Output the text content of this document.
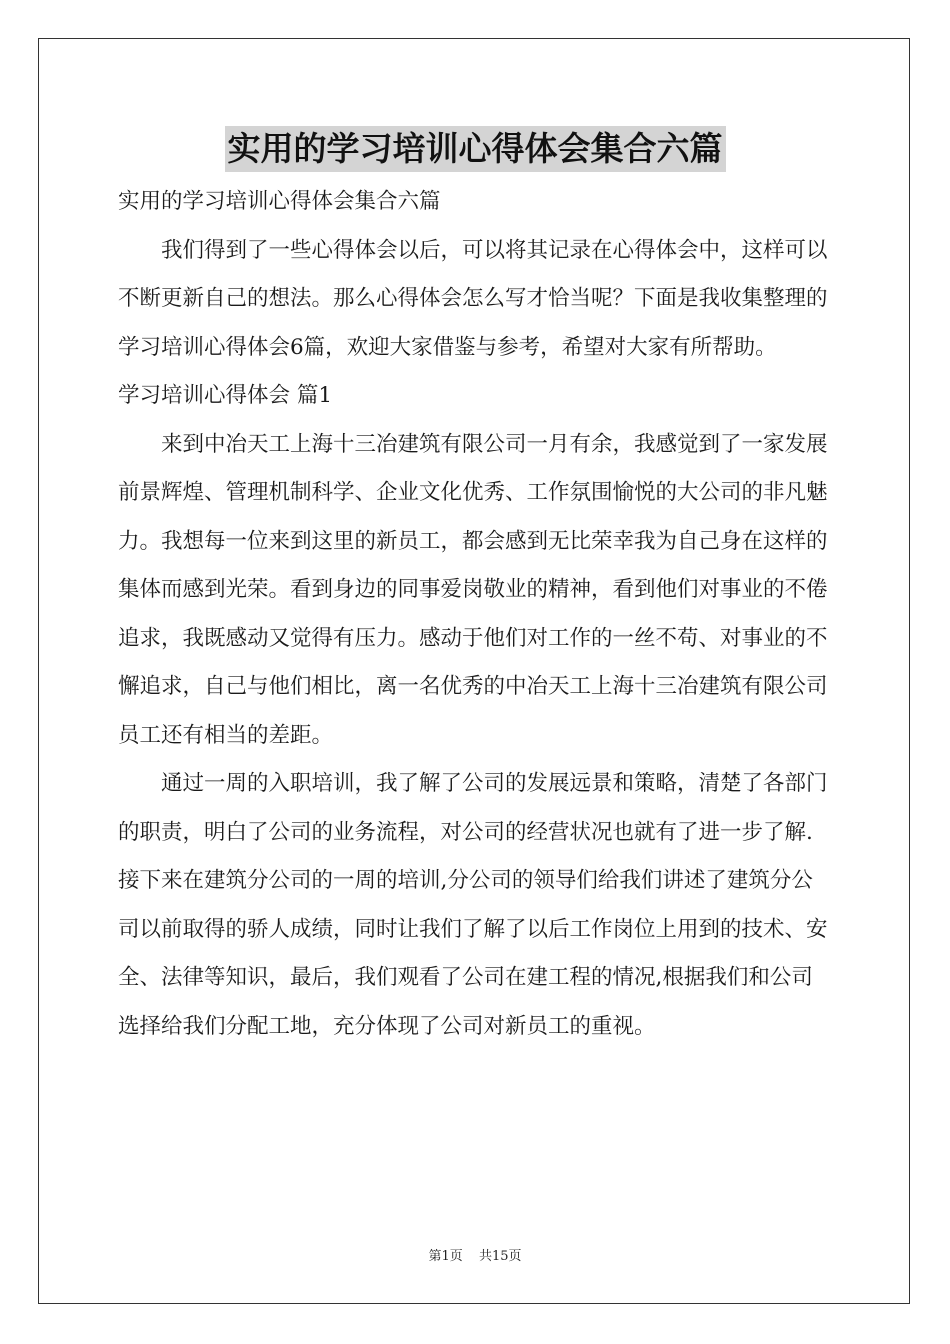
实用的学习培训心得体会集合六篇

实用的学习培训心得体会集合六篇

我们得到了一些心得体会以后，可以将其记录在心得体会中，这样可以不断更新自己的想法。那么心得体会怎么写才恰当呢？下面是我收集整理的学习培训心得体会6篇，欢迎大家借鉴与参考，希望对大家有所帮助。

学习培训心得体会 篇1

来到中冶天工上海十三冶建筑有限公司一月有余，我感觉到了一家发展前景辉煌、管理机制科学、企业文化优秀、工作氛围愉悦的大公司的非凡魅力。我想每一位来到这里的新员工，都会感到无比荣幸我为自己身在这样的集体而感到光荣。看到身边的同事爱岗敬业的精神，看到他们对事业的不倦追求，我既感动又觉得有压力。感动于他们对工作的一丝不苟、对事业的不懈追求，自己与他们相比，离一名优秀的中冶天工上海十三冶建筑有限公司员工还有相当的差距。

通过一周的入职培训，我了解了公司的发展远景和策略，清楚了各部门的职责，明白了公司的业务流程，对公司的经营状况也就有了进一步了解.接下来在建筑分公司的一周的培训,分公司的领导们给我们讲述了建筑分公司以前取得的骄人成绩，同时让我们了解了以后工作岗位上用到的技术、安全、法律等知识，最后，我们观看了公司在建工程的情况,根据我们和公司选择给我们分配工地，充分体现了公司对新员工的重视。

第1页 共15页
